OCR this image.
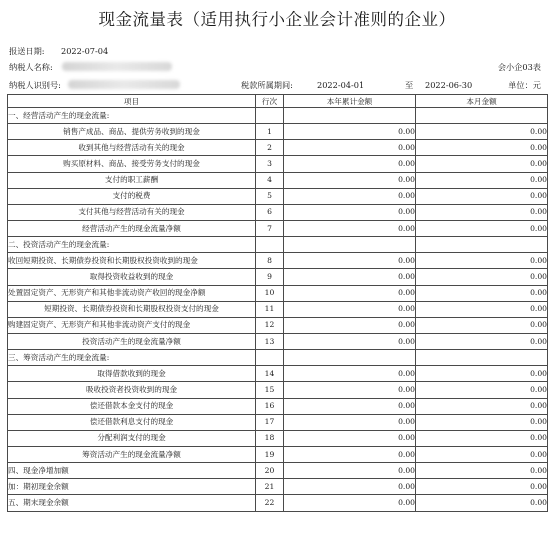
现金流量表（适用执行小企业会计准则的企业）
报送日期: 2022-07-04
纳税人名称:	会小企03表
纳税人识别号:	税款所属期间:	2022-04-01	至 2022-06-30	单位：元
项目	行次	本年累计金额	本月金额
一、经营活动产生的现金流量:			
销售产成品、商品、提供劳务收到的现金	1	0.00	0.00
收到其他与经营活动有关的现金	2	0.00	0.00
购买原材料、商品、接受劳务支付的现金	3	0.00	0.00
支付的职工薪酬	4	0.00	0.00
支付的税费	5	0.00	0.00
支付其他与经营活动有关的现金	6	0.00	0.00
经营活动产生的现金流量净额	7	0.00	0.00
二、投资活动产生的现金流量:			
收回短期投资、长期债券投资和长期股权投资收到的现金	8	0.00	0.00
取得投资收益收到的现金	9	0.00	0.00
处置固定资产、无形资产和其他非流动资产收回的现金净额	10	0.00	0.00
短期投资、长期债券投资和长期股权投资支付的现金	11	0.00	0.00
购建固定资产、无形资产和其他非流动资产支付的现金	12	0.00	0.00
投资活动产生的现金流量净额	13	0.00	0.00
三、筹资活动产生的现金流量:			
取得借款收到的现金	14	0.00	0.00
吸收投资者投资收到的现金	15	0.00	0.00
偿还借款本金支付的现金	16	0.00	0.00
偿还借款利息支付的现金	17	0.00	0.00
分配利润支付的现金	18	0.00	0.00
筹资活动产生的现金流量净额	19	0.00	0.00
四、现金净增加额	20	0.00	0.00
加：期初现金余额	21	0.00	0.00
五、期末现金余额	22	0.00	0.00
